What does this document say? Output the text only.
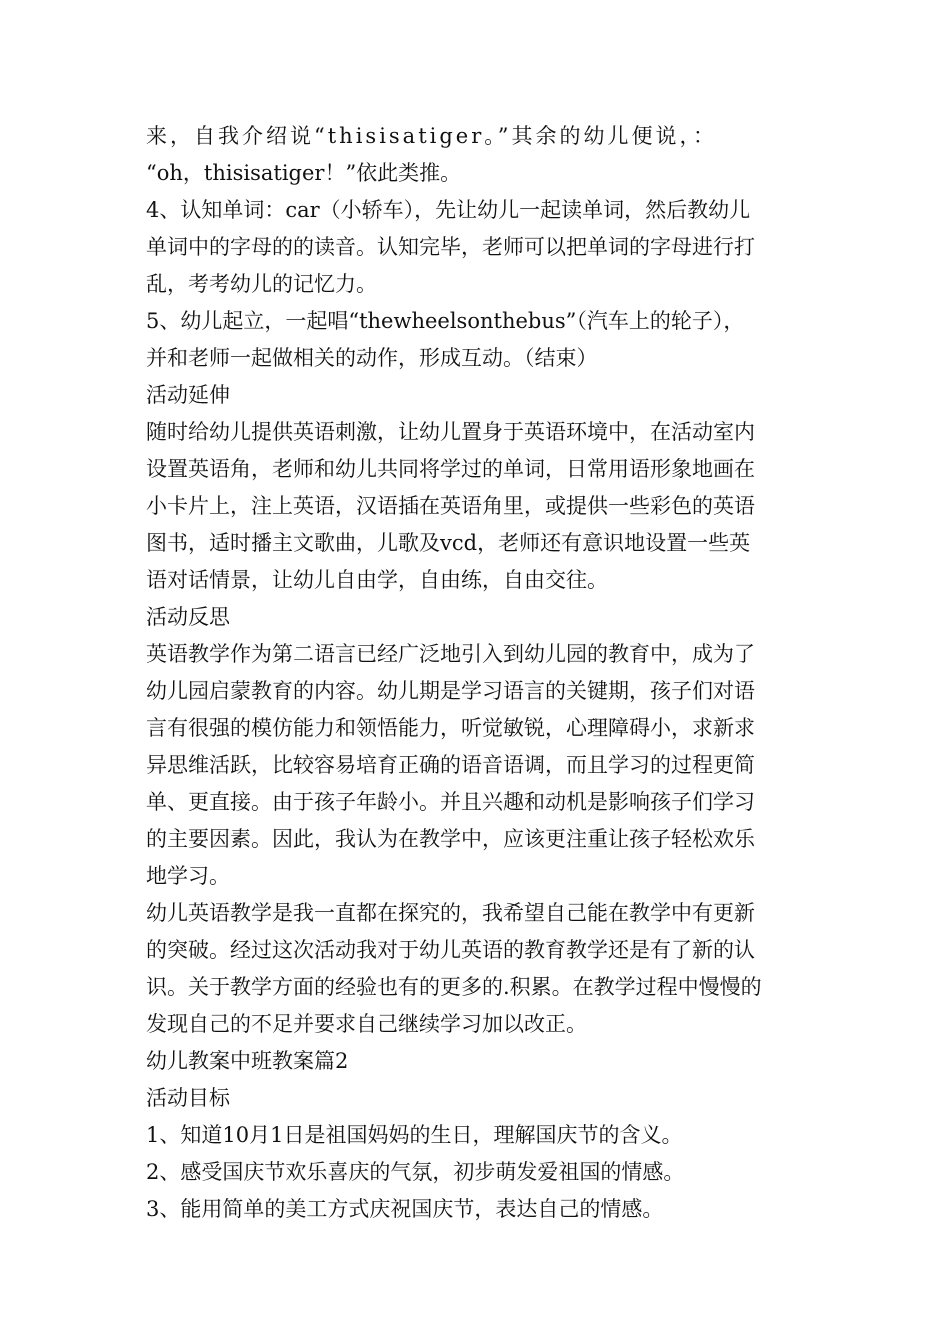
来，自我介绍说“thisisatiger。”其余的幼儿便说，：
“oh，thisisatiger！”依此类推。
4、认知单词：car（小轿车），先让幼儿一起读单词，然后教幼儿
单词中的字母的的读音。认知完毕，老师可以把单词的字母进行打
乱，考考幼儿的记忆力。
5、幼儿起立，一起唱“thewheelsonthebus”（汽车上的轮子），
并和老师一起做相关的动作，形成互动。（结束）
活动延伸
随时给幼儿提供英语刺激，让幼儿置身于英语环境中，在活动室内
设置英语角，老师和幼儿共同将学过的单词，日常用语形象地画在
小卡片上，注上英语，汉语插在英语角里，或提供一些彩色的英语
图书，适时播主文歌曲，儿歌及vcd，老师还有意识地设置一些英
语对话情景，让幼儿自由学，自由练，自由交往。
活动反思
英语教学作为第二语言已经广泛地引入到幼儿园的教育中，成为了
幼儿园启蒙教育的内容。幼儿期是学习语言的关键期，孩子们对语
言有很强的模仿能力和领悟能力，听觉敏锐，心理障碍小，求新求
异思维活跃，比较容易培育正确的语音语调，而且学习的过程更简
单、更直接。由于孩子年龄小。并且兴趣和动机是影响孩子们学习
的主要因素。因此，我认为在教学中，应该更注重让孩子轻松欢乐
地学习。
幼儿英语教学是我一直都在探究的，我希望自己能在教学中有更新
的突破。经过这次活动我对于幼儿英语的教育教学还是有了新的认
识。关于教学方面的经验也有的更多的.积累。在教学过程中慢慢的
发现自己的不足并要求自己继续学习加以改正。
幼儿教案中班教案篇2
活动目标
1、知道10月1日是祖国妈妈的生日，理解国庆节的含义。
2、感受国庆节欢乐喜庆的气氛，初步萌发爱祖国的情感。
3、能用简单的美工方式庆祝国庆节，表达自己的情感。
